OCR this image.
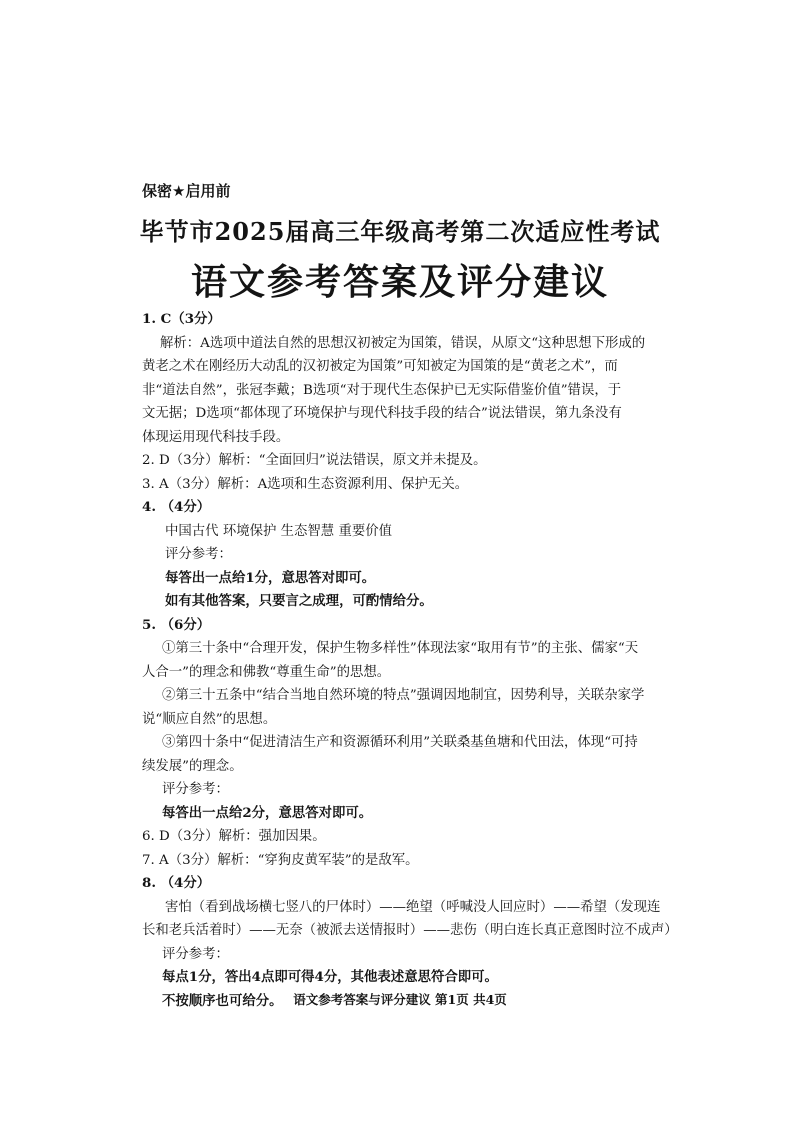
保密★启用前
毕节市2025届高三年级高考第二次适应性考试
语文参考答案及评分建议
1. C（3分）
解析：A选项中道法自然的思想汉初被定为国策，错误，从原文“这种思想下形成的
黄老之术在刚经历大动乱的汉初被定为国策”可知被定为国策的是“黄老之术”，而
非“道法自然”，张冠李戴；B选项“对于现代生态保护已无实际借鉴价值”错误，于
文无据；D选项“都体现了环境保护与现代科技手段的结合”说法错误，第九条没有
体现运用现代科技手段。
2. D（3分）解析：“全面回归”说法错误，原文并未提及。
3. A（3分）解析：A选项和生态资源利用、保护无关。
4. （4分）
中国古代 环境保护 生态智慧 重要价值
评分参考：
每答出一点给1分，意思答对即可。
如有其他答案，只要言之成理，可酌情给分。
5. （6分）
①第三十条中“合理开发，保护生物多样性”体现法家“取用有节”的主张、儒家“天
人合一”的理念和佛教“尊重生命”的思想。
②第三十五条中“结合当地自然环境的特点”强调因地制宜，因势利导，关联杂家学
说“顺应自然”的思想。
③第四十条中“促进清洁生产和资源循环利用”关联桑基鱼塘和代田法，体现“可持
续发展”的理念。
评分参考：
每答出一点给2分，意思答对即可。
6. D（3分）解析：强加因果。
7. A（3分）解析：“穿狗皮黄军装”的是敌军。
8. （4分）
害怕（看到战场横七竖八的尸体时）——绝望（呼喊没人回应时）——希望（发现连
长和老兵活着时）——无奈（被派去送情报时）——悲伤（明白连长真正意图时泣不成声）
评分参考：
每点1分，答出4点即可得4分，其他表述意思符合即可。
不按顺序也可给分。 语文参考答案与评分建议 第1页 共4页
